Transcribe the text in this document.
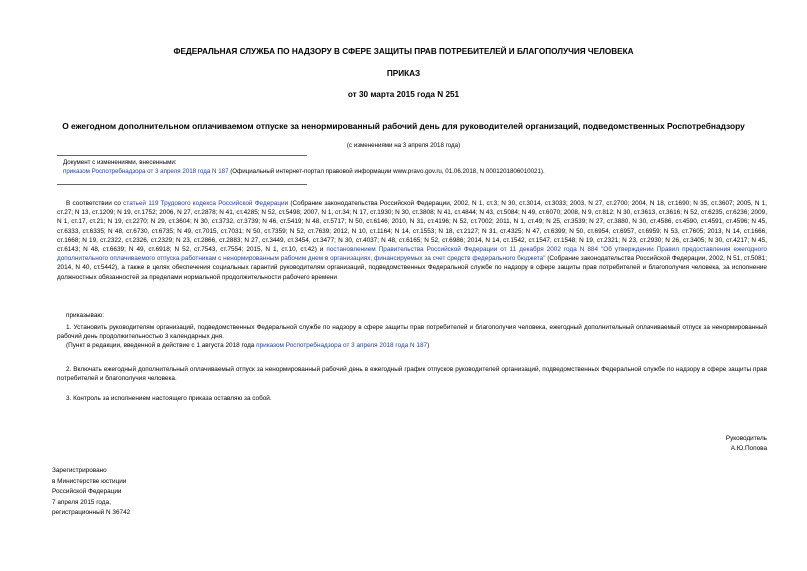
ФЕДЕРАЛЬНАЯ СЛУЖБА ПО НАДЗОРУ В СФЕРЕ ЗАЩИТЫ ПРАВ ПОТРЕБИТЕЛЕЙ И БЛАГОПОЛУЧИЯ ЧЕЛОВЕКА
ПРИКАЗ
от 30 марта 2015 года N 251
О ежегодном дополнительном оплачиваемом отпуске за ненормированный рабочий день для руководителей организаций, подведомственных Роспотребнадзору
(с изменениями на 3 апреля 2018 года)
Документ с изменениями, внесенными:
приказом Роспотребнадзора от 3 апреля 2018 года N 187 (Официальный интернет-портал правовой информации www.pravo.gov.ru, 01.06.2018, N 0001201806010021).
В соответствии со статьей 119 Трудового кодекса Российской Федерации (Собрание законодательства Российской Федерации, 2002, N 1, ст.3; N 30, ст.3014, ст.3033; 2003, N 27, ст.2700; 2004, N 18, ст.1690; N 35, ст.3607; 2005, N 1, ст.27; N 13, ст.1209; N 19, ст.1752; 2006, N 27, ст.2878; N 41, ст.4285; N 52, ст.5498; 2007, N 1, ст.34; N 17, ст.1930; N 30, ст.3808; N 41, ст.4844; N 43, ст.5084; N 49, ст.6070; 2008, N 9, ст.812; N 30, ст.3613, ст.3616; N 52, ст.6235, ст.6236; 2009, N 1, ст.17, ст.21; N 19, ст.2270; N 29, ст.3604; N 30, ст.3732, ст.3739; N 46, ст.5419; N 48, ст.5717; N 50, ст.6146; 2010, N 31, ст.4196; N 52, ст.7002; 2011, N 1, ст.49; N 25, ст.3539; N 27, ст.3880, N 30, ст.4586, ст.4590, ст.4591, ст.4596; N 45, ст.6333, ст.6335; N 48, ст.6730, ст.6735; N 49, ст.7015, ст.7031; N 50, ст.7359; N 52, ст.7639; 2012, N 10, ст.1164; N 14, ст.1553; N 18, ст.2127; N 31, ст.4325; N 47, ст.6399; N 50, ст.6954, ст.6957, ст.6959; N 53, ст.7605; 2013, N 14, ст.1666, ст.1668; N 19, ст.2322, ст.2326, ст.2329; N 23, ст.2866, ст.2883; N 27, ст.3449, ст.3454, ст.3477; N 30, ст.4037; N 48, ст.6165; N 52, ст.6986; 2014, N 14, ст.1542, ст.1547, ст.1548; N 19, ст.2321; N 23, ст.2930; N 26, ст.3405; N 30, ст.4217; N 45, ст.6143; N 48, ст.6639; N 49, ст.6918; N 52, ст.7543, ст.7554; 2015, N 1, ст.10, ст.42) и постановлением Правительства Российской Федерации от 11 декабря 2002 года N 884 "Об утверждении Правил предоставления ежегодного дополнительного оплачиваемого отпуска работникам с ненормированным рабочим днем в организациях, финансируемых за счет средств федерального бюджета" (Собрание законодательства Российской Федерации, 2002, N 51, ст.5081; 2014, N 40, ст.5442), а также в целях обеспечения социальных гарантий руководителям организаций, подведомственных Федеральной службе по надзору в сфере защиты прав потребителей и благополучия человека, за исполнение должностных обязанностей за пределами нормальной продолжительности рабочего времени
приказываю:
1. Установить руководителям организаций, подведомственных Федеральной службе по надзору в сфере защиты прав потребителей и благополучия человека, ежегодный дополнительный оплачиваемый отпуск за ненормированный рабочий день продолжительностью 3 календарных дня.
(Пункт в редакции, введенной в действие с 1 августа 2018 года приказом Роспотребнадзора от 3 апреля 2018 года N 187)
2. Включать ежегодный дополнительный оплачиваемый отпуск за ненормированный рабочий день в ежегодный график отпусков руководителей организаций, подведомственных Федеральной службе по надзору в сфере защиты прав потребителей и благополучия человека.
3. Контроль за исполнением настоящего приказа оставляю за собой.
Руководитель
А.Ю.Попова
Зарегистрировано
в Министерстве юстиции
Российской Федерации
7 апреля 2015 года,
регистрационный N 36742
